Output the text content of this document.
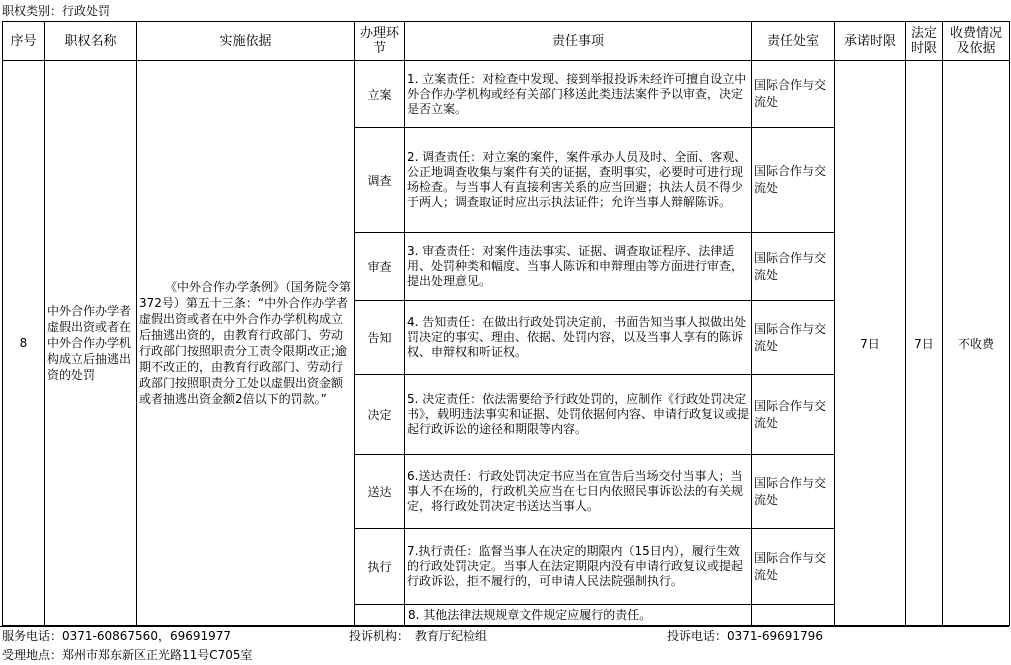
职权类别：行政处罚
序号	职权名称	实施依据	办理环节	责任事项	责任处室	承诺时限	法定时限	收费情况及依据
8	中外合作办学者虚假出资或者在中外合作办学机构成立后抽逃出资的处罚	《中外合作办学条例》（国务院令第372号）第五十三条：“中外合作办学者虚假出资或者在中外合作办学机构成立后抽逃出资的，由教育行政部门、劳动行政部门按照职责分工责令限期改正;逾期不改正的，由教育行政部门、劳动行政部门按照职责分工处以虚假出资金额或者抽逃出资金额2倍以下的罚款。”	立案	1. 立案责任：对检查中发现、接到举报投诉未经许可擅自设立中外合作办学机构或经有关部门移送此类违法案件予以审查，决定是否立案。	国际合作与交流处	7日	7日	不收费
			调查	2. 调查责任：对立案的案件，案件承办人员及时、全面、客观、公正地调查收集与案件有关的证据，查明事实，必要时可进行现场检查。与当事人有直接利害关系的应当回避；执法人员不得少于两人；调查取证时应出示执法证件；允许当事人辩解陈诉。	国际合作与交流处			
			审查	3. 审查责任：对案件违法事实、证据、调查取证程序、法律适用、处罚种类和幅度、当事人陈诉和申辩理由等方面进行审查，提出处理意见。	国际合作与交流处			
			告知	4. 告知责任：在做出行政处罚决定前，书面告知当事人拟做出处罚决定的事实、理由、依据、处罚内容，以及当事人享有的陈诉权、申辩权和听证权。	国际合作与交流处			
			决定	5. 决定责任：依法需要给予行政处罚的，应制作《行政处罚决定书》，载明违法事实和证据、处罚依据何内容、申请行政复议或提起行政诉讼的途径和期限等内容。	国际合作与交流处			
			送达	6.送达责任：行政处罚决定书应当在宣告后当场交付当事人；当事人不在场的，行政机关应当在七日内依照民事诉讼法的有关规定，将行政处罚决定书送达当事人。	国际合作与交流处			
			执行	7.执行责任：监督当事人在决定的期限内（15日内），履行生效的行政处罚决定。当事人在法定期限内没有申请行政复议或提起行政诉讼，拒不履行的，可申请人民法院强制执行。	国际合作与交流处			
				8. 其他法律法规规章文件规定应履行的责任。				
服务电话：0371-60867560，69691977	投诉机构：　教育厅纪检组	投诉电话：0371-69691796
受理地点：郑州市郑东新区正光路11号C705室
